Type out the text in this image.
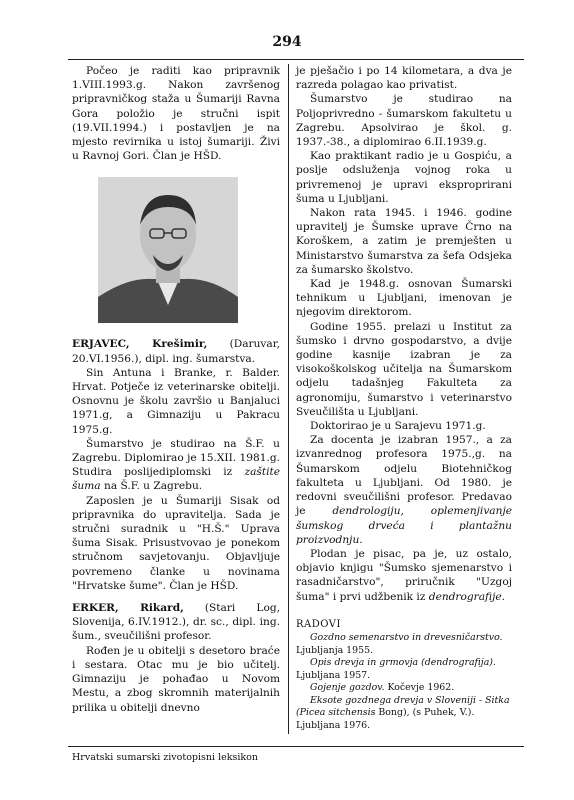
294

Počeo je raditi kao pripravnik 1.VIII.1993.g. Nakon završenog pripravničkog staža u Šumariji Ravna Gora položio je stručni ispit (19.VII.1994.) i postavljen je na mjesto revirnika u istoj šumariji. Živi u Ravnoj Gori. Član je HŠD.

ERJAVEC, Krešimir, (Daruvar, 20.VI.1956.), dipl. ing. šumarstva.

Sin Antuna i Branke, r. Balder. Hrvat. Potječe iz veterinarske obitelji. Osnovnu je školu završio u Banjaluci 1971.g, a Gimnaziju u Pakracu 1975.g.

Šumarstvo je studirao na Š.F. u Zagrebu. Diplomirao je 15.XII. 1981.g. Studira poslijediplomski iz zaštite šuma na Š.F. u Zagrebu.

Zaposlen je u Šumariji Sisak od pripravnika do upravitelja. Sada je stručni suradnik u "H.Š." Uprava šuma Sisak. Prisustvovao je ponekom stručnom savjetovanju. Objavljuje povremeno članke u novinama "Hrvatske šume". Član je HŠD.

ERKER, Rikard, (Stari Log, Slovenija, 6.IV.1912.), dr. sc., dipl. ing. šum., sveučilišni profesor.

Rođen je u obitelji s desetoro braće i sestara. Otac mu je bio učitelj. Gimnaziju je pohađao u Novom Mestu, a zbog skromnih materijalnih prilika u obitelji dnevno

je pješačio i po 14 kilometara, a dva je razreda polagao kao privatist.

Šumarstvo je studirao na Poljoprivredno - šumarskom fakultetu u Zagrebu. Apsolvirao je škol. g. 1937.-38., a diplomirao 6.II.1939.g.

Kao praktikant radio je u Gospiću, a poslje odsluženja vojnog roka u privremenoj je upravi eksproprirani šuma u Ljubljani.

Nakon rata 1945. i 1946. godine upravitelj je Šumske uprave Črno na Koroškem, a zatim je premješten u Ministarstvo šumarstva za šefa Odsjeka za šumarsko školstvo.

Kad je 1948.g. osnovan Šumarski tehnikum u Ljubljani, imenovan je njegovim direktorom.

Godine 1955. prelazi u Institut za šumsko i drvno gospodarstvo, a dvije godine kasnije izabran je za visokoškolskog učitelja na Šumarskom odjelu tadašnjeg Fakulteta za agronomiju, šumarstvo i veterinarstvo Sveučilišta u Ljubljani.

Doktorirao je u Sarajevu 1971.g.

Za docenta je izabran 1957., a za izvanrednog profesora 1975.,g. na Šumarskom odjelu Biotehničkog fakulteta u Ljubljani. Od 1980. je redovni sveučilišni profesor. Predavao je dendrologiju, oplemenjivanje šumskog drveća i plantažnu proizvodnju.

Plodan je pisac, pa je, uz ostalo, objavio knjigu "Šumsko sjemenarstvo i rasadničarstvo", priručnik "Uzgoj šuma" i prvi udžbenik iz dendrografije.

RADOVI

Gozdno semenarstvo in drevesničarstvo. Ljubljanja 1955.

Opis drevja in grmovja (dendrografija). Ljubljana 1957.

Gojenje gozdov. Kočevje 1962.

Eksote gozdnega drevja v Sloveniji - Sitka (Picea sitchensis Bong), (s Puhek, V.). Ljubljana 1976.

Hrvatski sumarski zivotopisni leksikon
